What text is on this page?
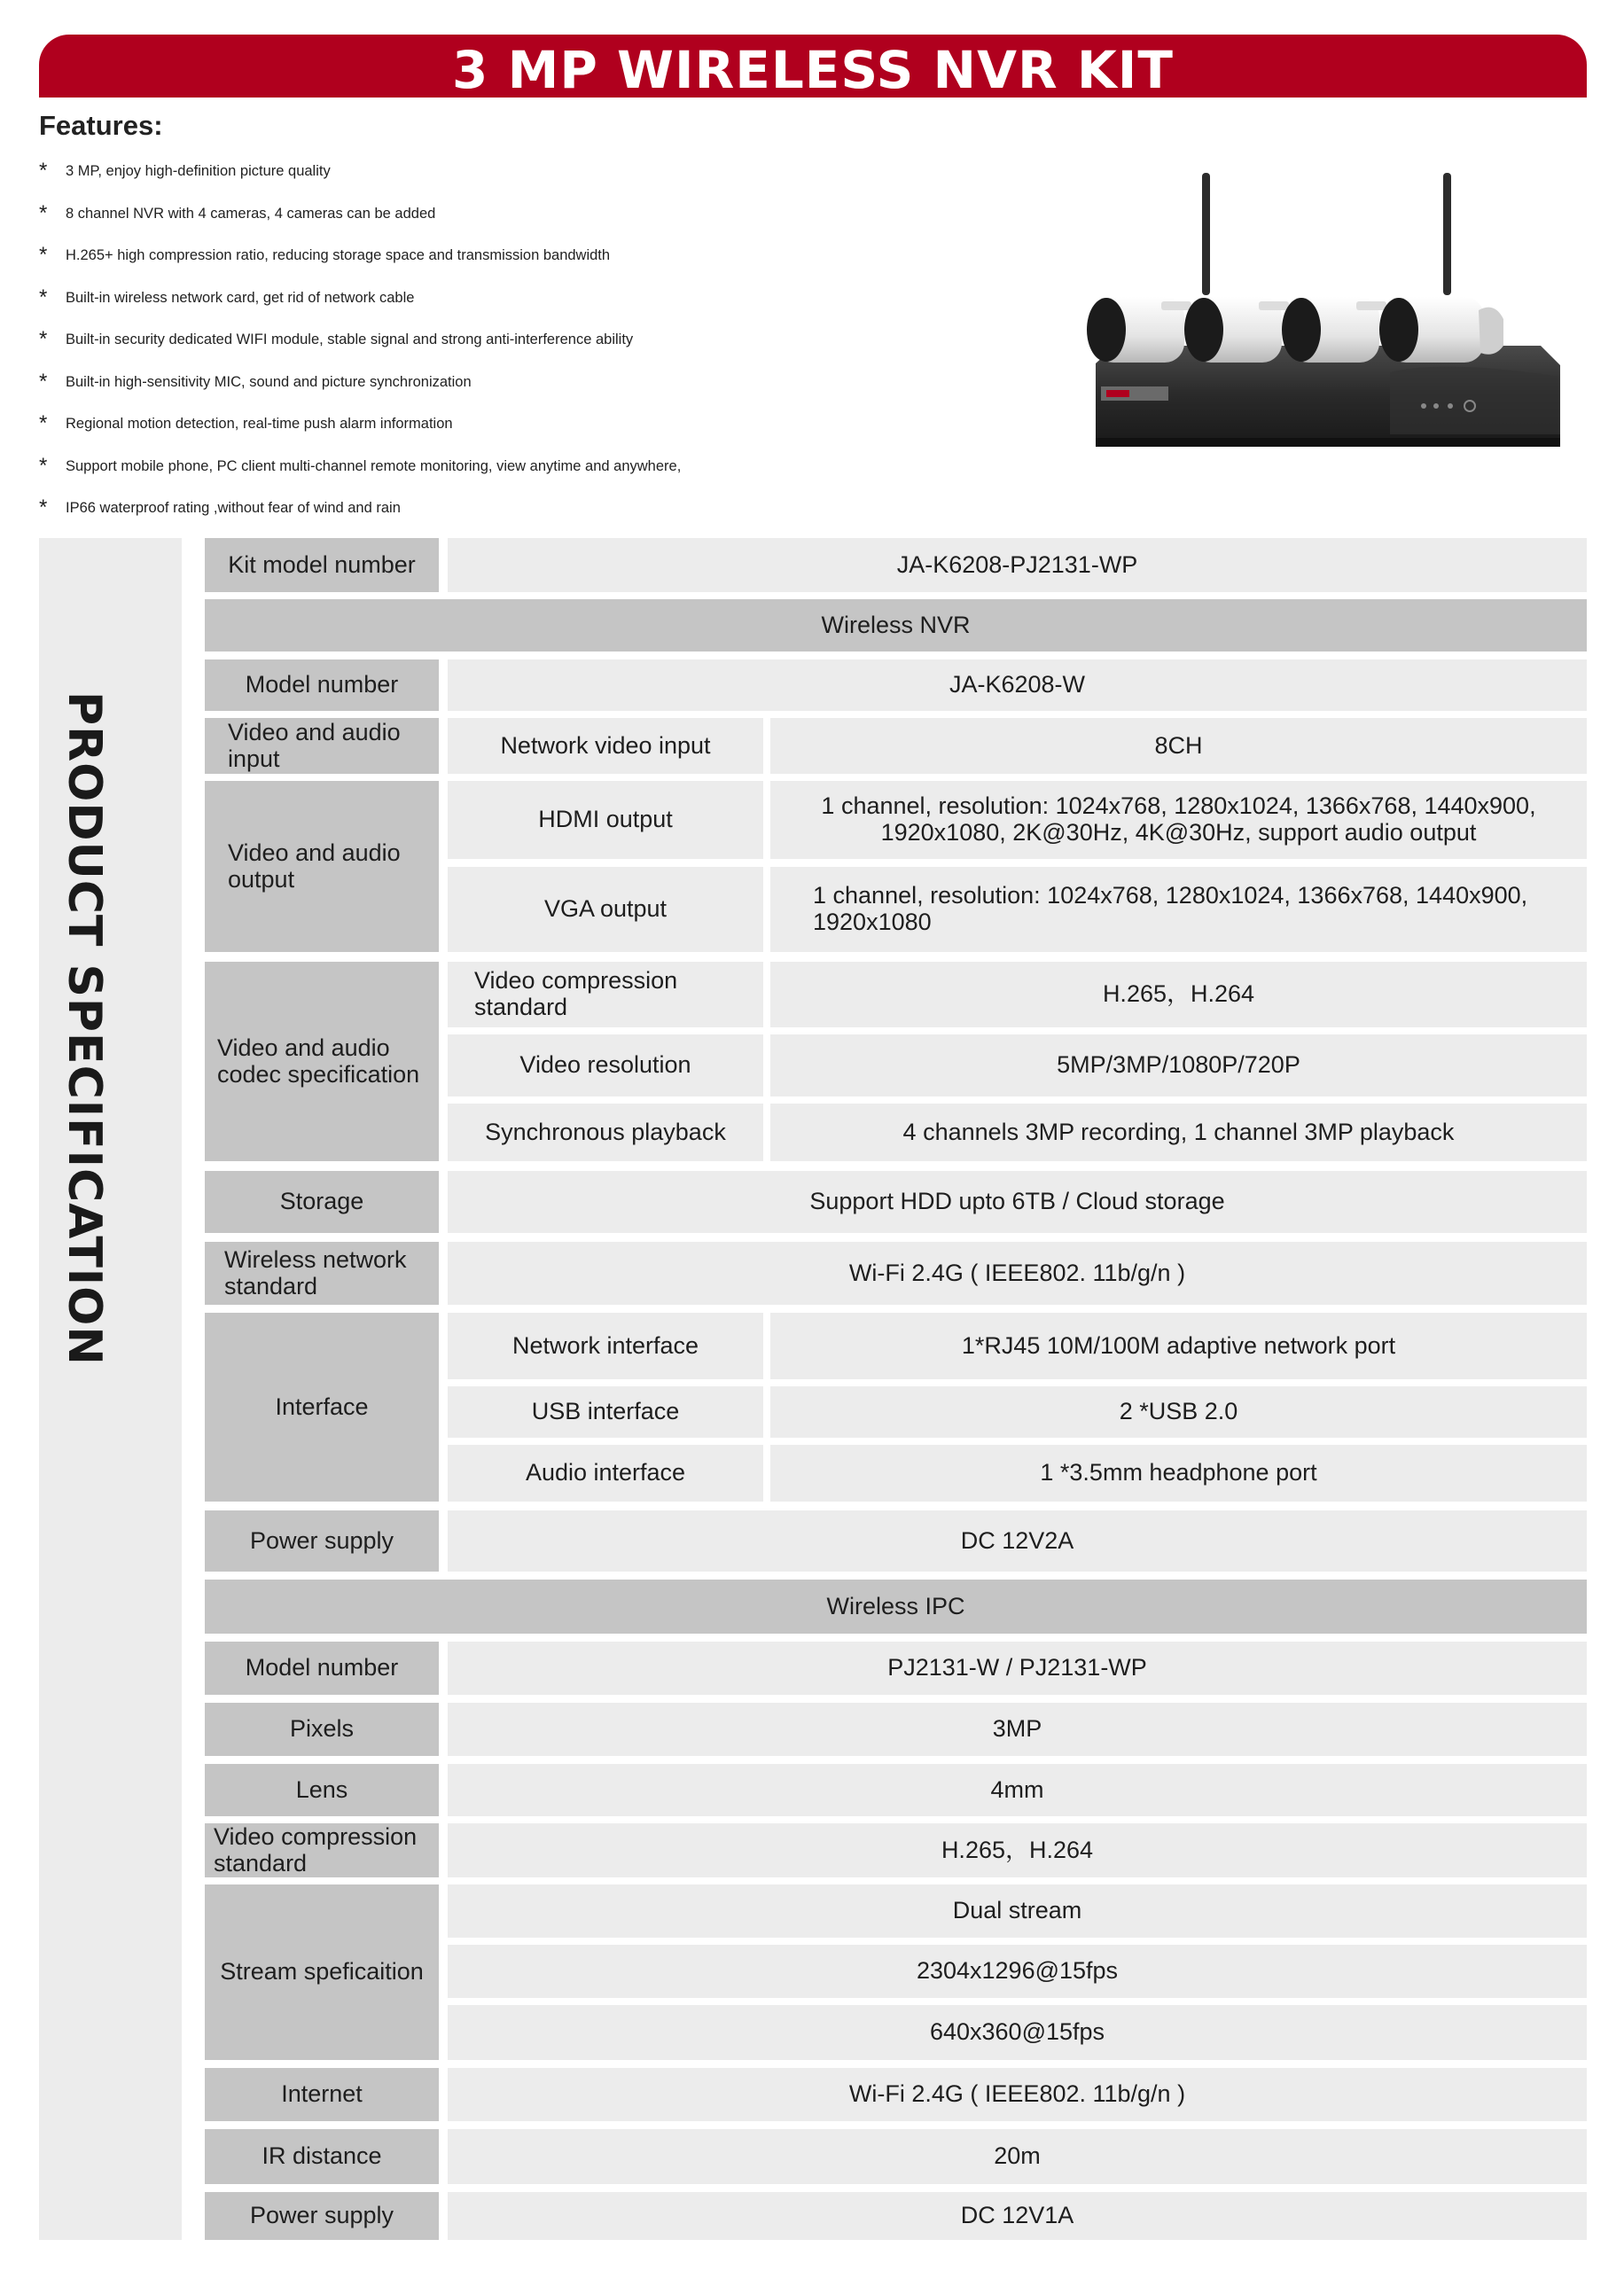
3 MP WIRELESS NVR KIT
Features:
* 3 MP, enjoy high-definition picture quality
* 8 channel NVR with 4 cameras, 4 cameras can be added
* H.265+ high compression ratio, reducing storage space and transmission bandwidth
* Built-in wireless network card, get rid of network cable
* Built-in security dedicated WIFI module, stable signal and strong anti-interference ability
* Built-in high-sensitivity MIC, sound and picture synchronization
* Regional motion detection, real-time push alarm information
* Support mobile phone, PC client multi-channel remote monitoring, view anytime and anywhere,
* IP66 waterproof rating ,without fear of wind and rain
PRODUCT SPECIFICATION
Kit model number	JA-K6208-PJ2131-WP
Wireless NVR
Model number	JA-K6208-W
Video and audio input	Network video input	8CH
Video and audio output
HDMI output	1 channel, resolution: 1024x768, 1280x1024, 1366x768, 1440x900,
1920x1080, 2K@30Hz, 4K@30Hz, support audio output
VGA output	1 channel, resolution: 1024x768, 1280x1024, 1366x768, 1440x900,
1920x1080
Video and audio codec specification
Video compression standard	H.265，H.264
Video resolution	5MP/3MP/1080P/720P
Synchronous playback	4 channels 3MP recording, 1 channel 3MP playback
Storage	Support HDD upto 6TB / Cloud storage
Wireless network standard	Wi-Fi 2.4G ( IEEE802. 11b/g/n )
Interface
Network interface	1*RJ45 10M/100M adaptive network port
USB interface	2 *USB 2.0
Audio interface	1 *3.5mm headphone port
Power supply	DC 12V2A
Wireless IPC
Model number	PJ2131-W / PJ2131-WP
Pixels	3MP
Lens	4mm
Video compression standard	H.265，H.264
Stream speficaition
Dual stream
2304x1296@15fps
640x360@15fps
Internet	Wi-Fi 2.4G ( IEEE802. 11b/g/n )
IR distance	20m
Power supply	DC 12V1A
